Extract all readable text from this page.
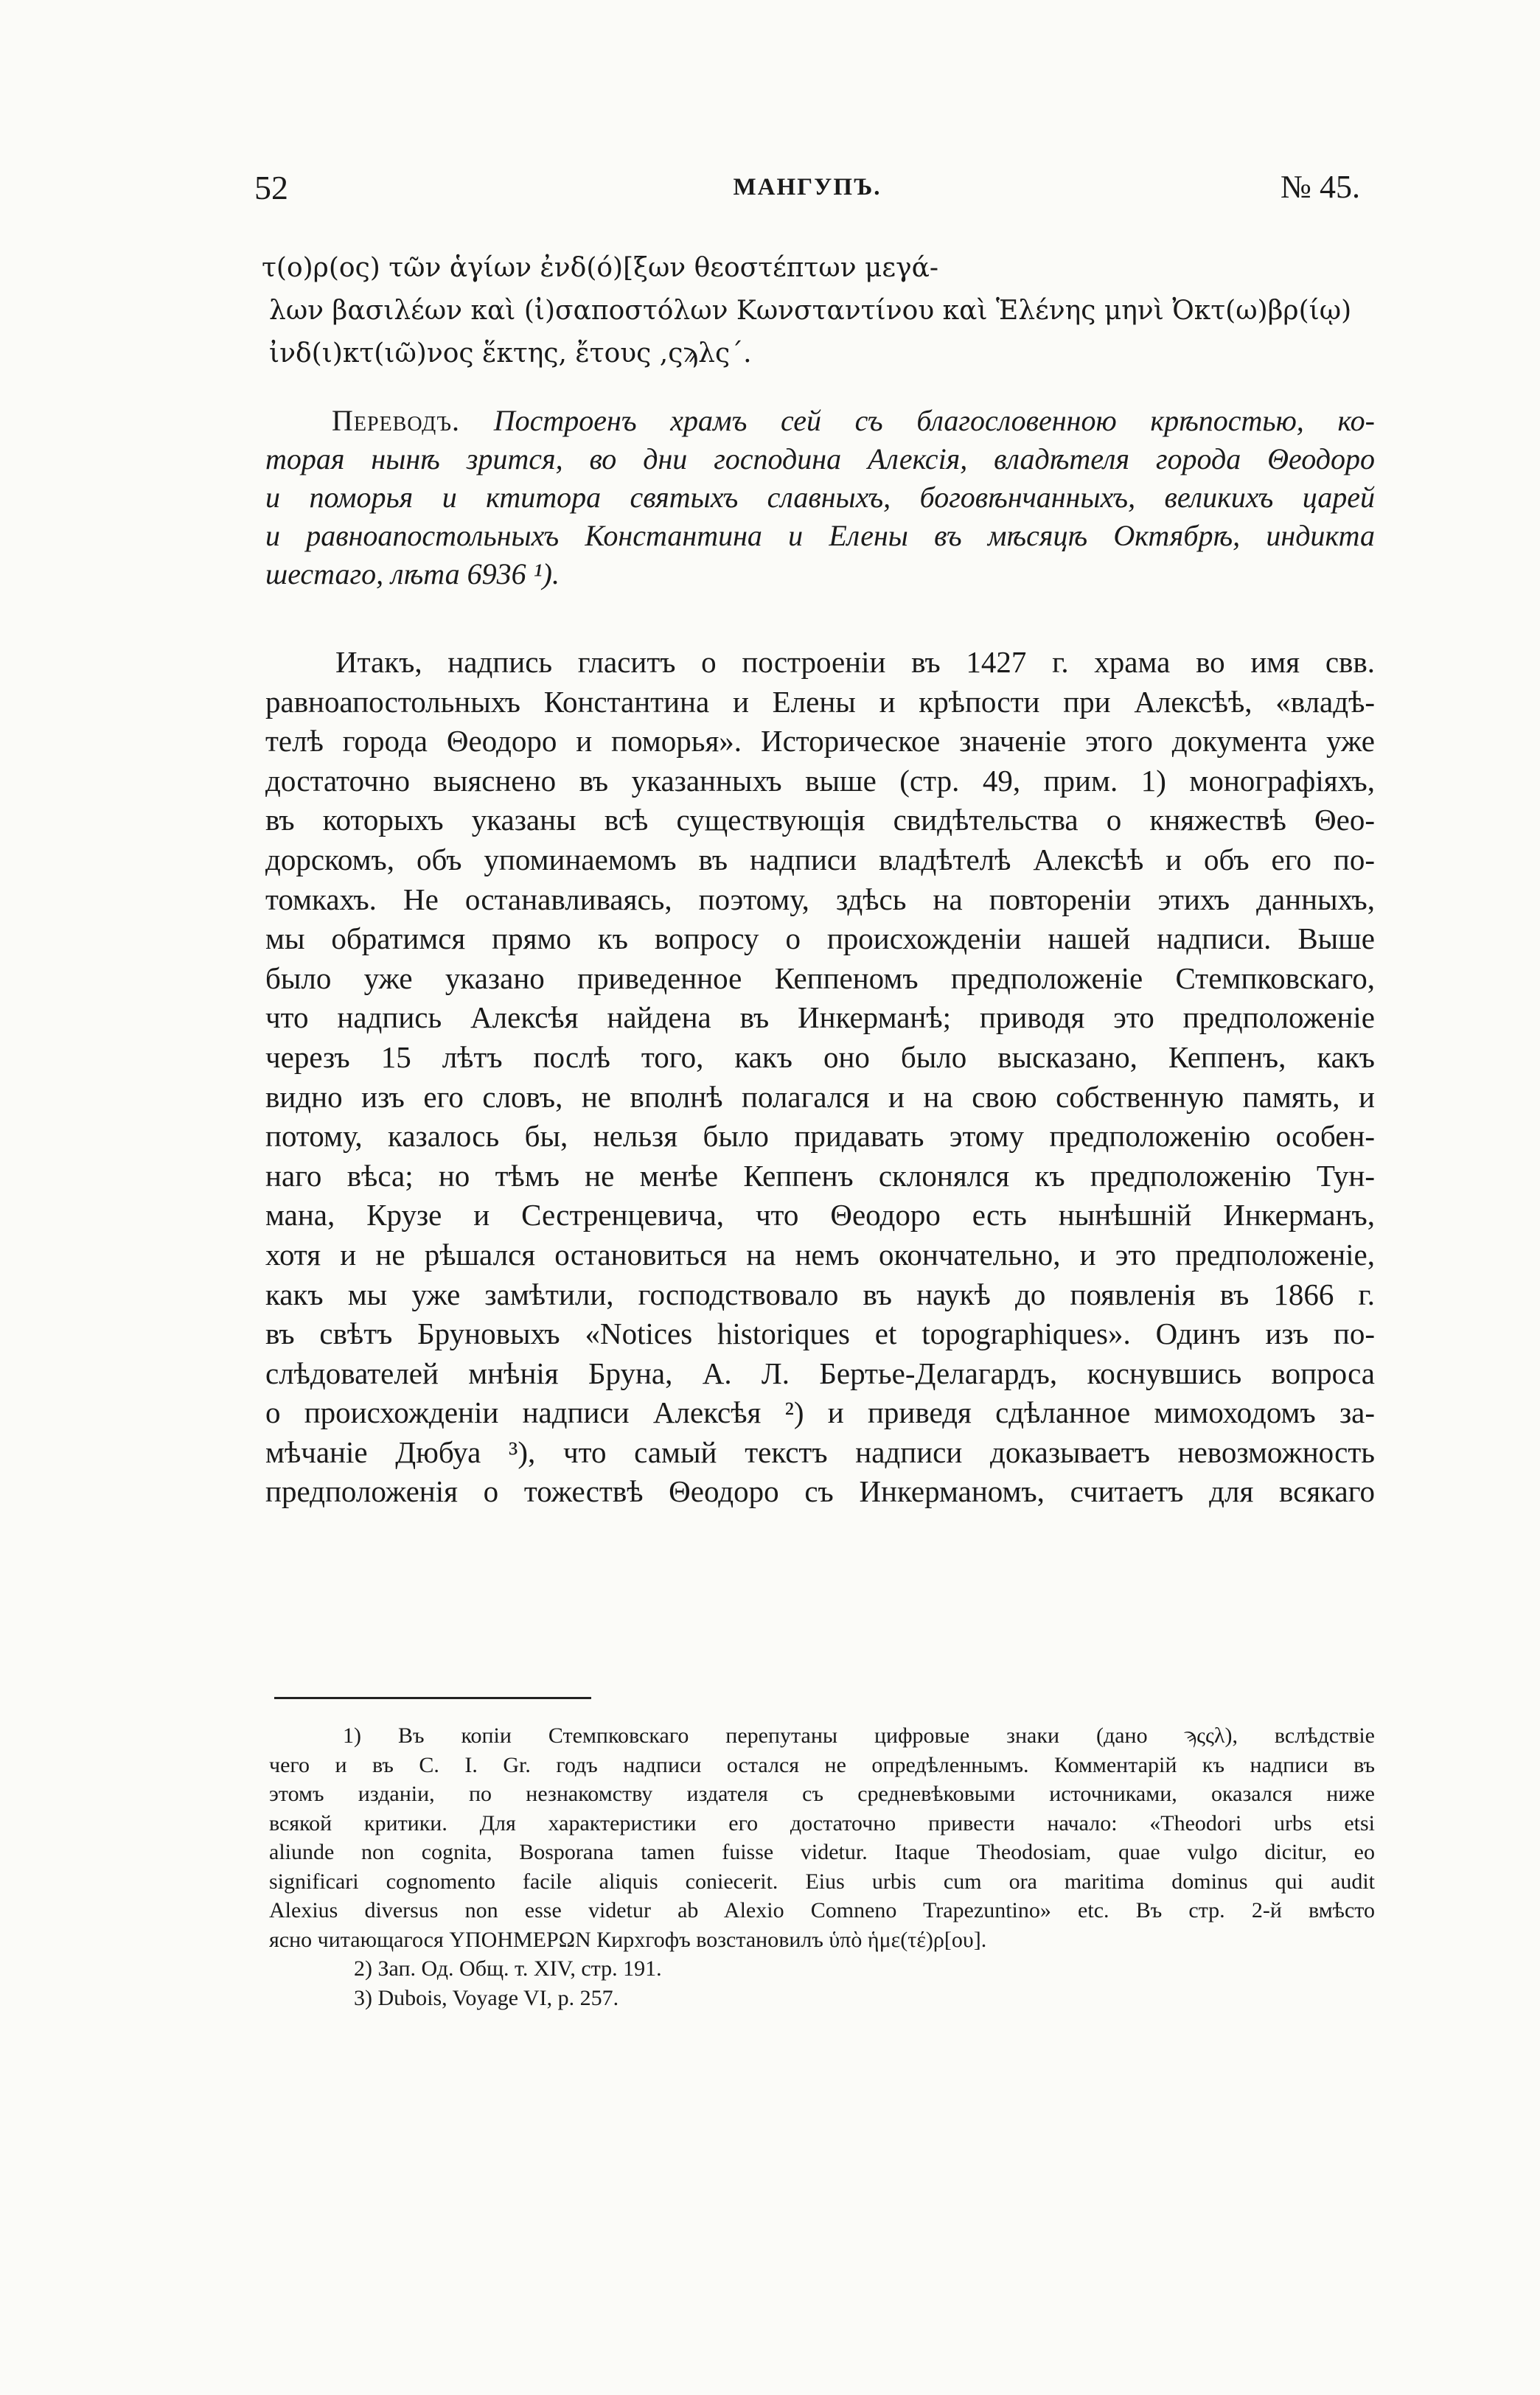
52	МАНГУПЪ.	№ 45.
τ(ο)ρ(ος) τῶν ἁγίων ἐνδ(ό)[ξων θεοστέπτων μεγά-
λων βασιλέων καὶ (ἰ)σαποστόλων Κωνσταντίνου καὶ Ἑλένης μηνὶ Ὀκτ(ω)βρ(ίῳ)
ἰνδ(ι)κτ(ιῶ)νος ἕκτης, ἔτους ,ςϡλς΄.
Переводъ. Построенъ храмъ сей съ благословенною крѣпостью, ко-
торая нынѣ зрится, во дни господина Алексія, владѣтеля города Θеодоро
и поморья и ктитора святыхъ славныхъ, боговѣнчанныхъ, великихъ царей
и равноапостольныхъ Константина и Елены въ мѣсяцѣ Октябрѣ, индикта
шестаго, лѣта 6936 ¹).
Итакъ, надпись гласитъ о построеніи въ 1427 г. храма во имя свв.
равноапостольныхъ Константина и Елены и крѣпости при Алексѣѣ, «владѣ-
телѣ города Θеодоро и поморья». Историческое значеніе этого документа уже
достаточно выяснено въ указанныхъ выше (стр. 49, прим. 1) монографіяхъ,
въ которыхъ указаны всѣ существующія свидѣтельства о княжествѣ Θео-
дорскомъ, объ упоминаемомъ въ надписи владѣтелѣ Алексѣѣ и объ его по-
томкахъ. Не останавливаясь, поэтому, здѣсь на повтореніи этихъ данныхъ,
мы обратимся прямо къ вопросу о происхожденіи нашей надписи. Выше
было уже указано приведенное Кеппеномъ предположеніе Стемпковскаго,
что надпись Алексѣя найдена въ Инкерманѣ; приводя это предположеніе
черезъ 15 лѣтъ послѣ того, какъ оно было высказано, Кеппенъ, какъ
видно изъ его словъ, не вполнѣ полагался и на свою собственную память, и
потому, казалось бы, нельзя было придавать этому предположенію особен-
наго вѣса; но тѣмъ не менѣе Кеппенъ склонялся къ предположенію Тун-
мана, Крузе и Сестренцевича, что Θеодоро есть нынѣшній Инкерманъ,
хотя и не рѣшался остановиться на немъ окончательно, и это предположеніе,
какъ мы уже замѣтили, господствовало въ наукѣ до появленія въ 1866 г.
въ свѣтъ Бруновыхъ «Notices historiques et topographiques». Одинъ изъ по-
слѣдователей мнѣнія Бруна, А. Л. Бертье-Делагардъ, коснувшись вопроса
о происхожденіи надписи Алексѣя ²) и приведя сдѣланное мимоходомъ за-
мѣчаніе Дюбуа ³), что самый текстъ надписи доказываетъ невозможность
предположенія о тожествѣ Θеодоро съ Инкерманомъ, считаетъ для всякаго
1) Въ копіи Стемпковскаго перепутаны цифровые знаки (дано ϡςςλ), вслѣдствіе
чего и въ C. I. Gr. годъ надписи остался не опредѣленнымъ. Комментарій къ надписи въ
этомъ изданіи, по незнакомству издателя съ средневѣковыми источниками, оказался ниже
всякой критики. Для характеристики его достаточно привести начало: «Theodori urbs etsi
aliunde non cognita, Bosporana tamen fuisse videtur. Itaque Theodosiam, quae vulgo dicitur, eo
significari cognomento facile aliquis coniecerit. Eius urbis cum ora maritima dominus qui audit
Alexius diversus non esse videtur ab Alexio Comneno Trapezuntino» etc. Въ стр. 2-й вмѣсто
ясно читающагося ΥΠΟΗΜΕΡΩΝ Кирхгофъ возстановилъ ὑπὸ ἡμε(τέ)ρ[ου].
2) Зап. Од. Общ. т. XIV, стр. 191.
3) Dubois, Voyage VI, p. 257.
